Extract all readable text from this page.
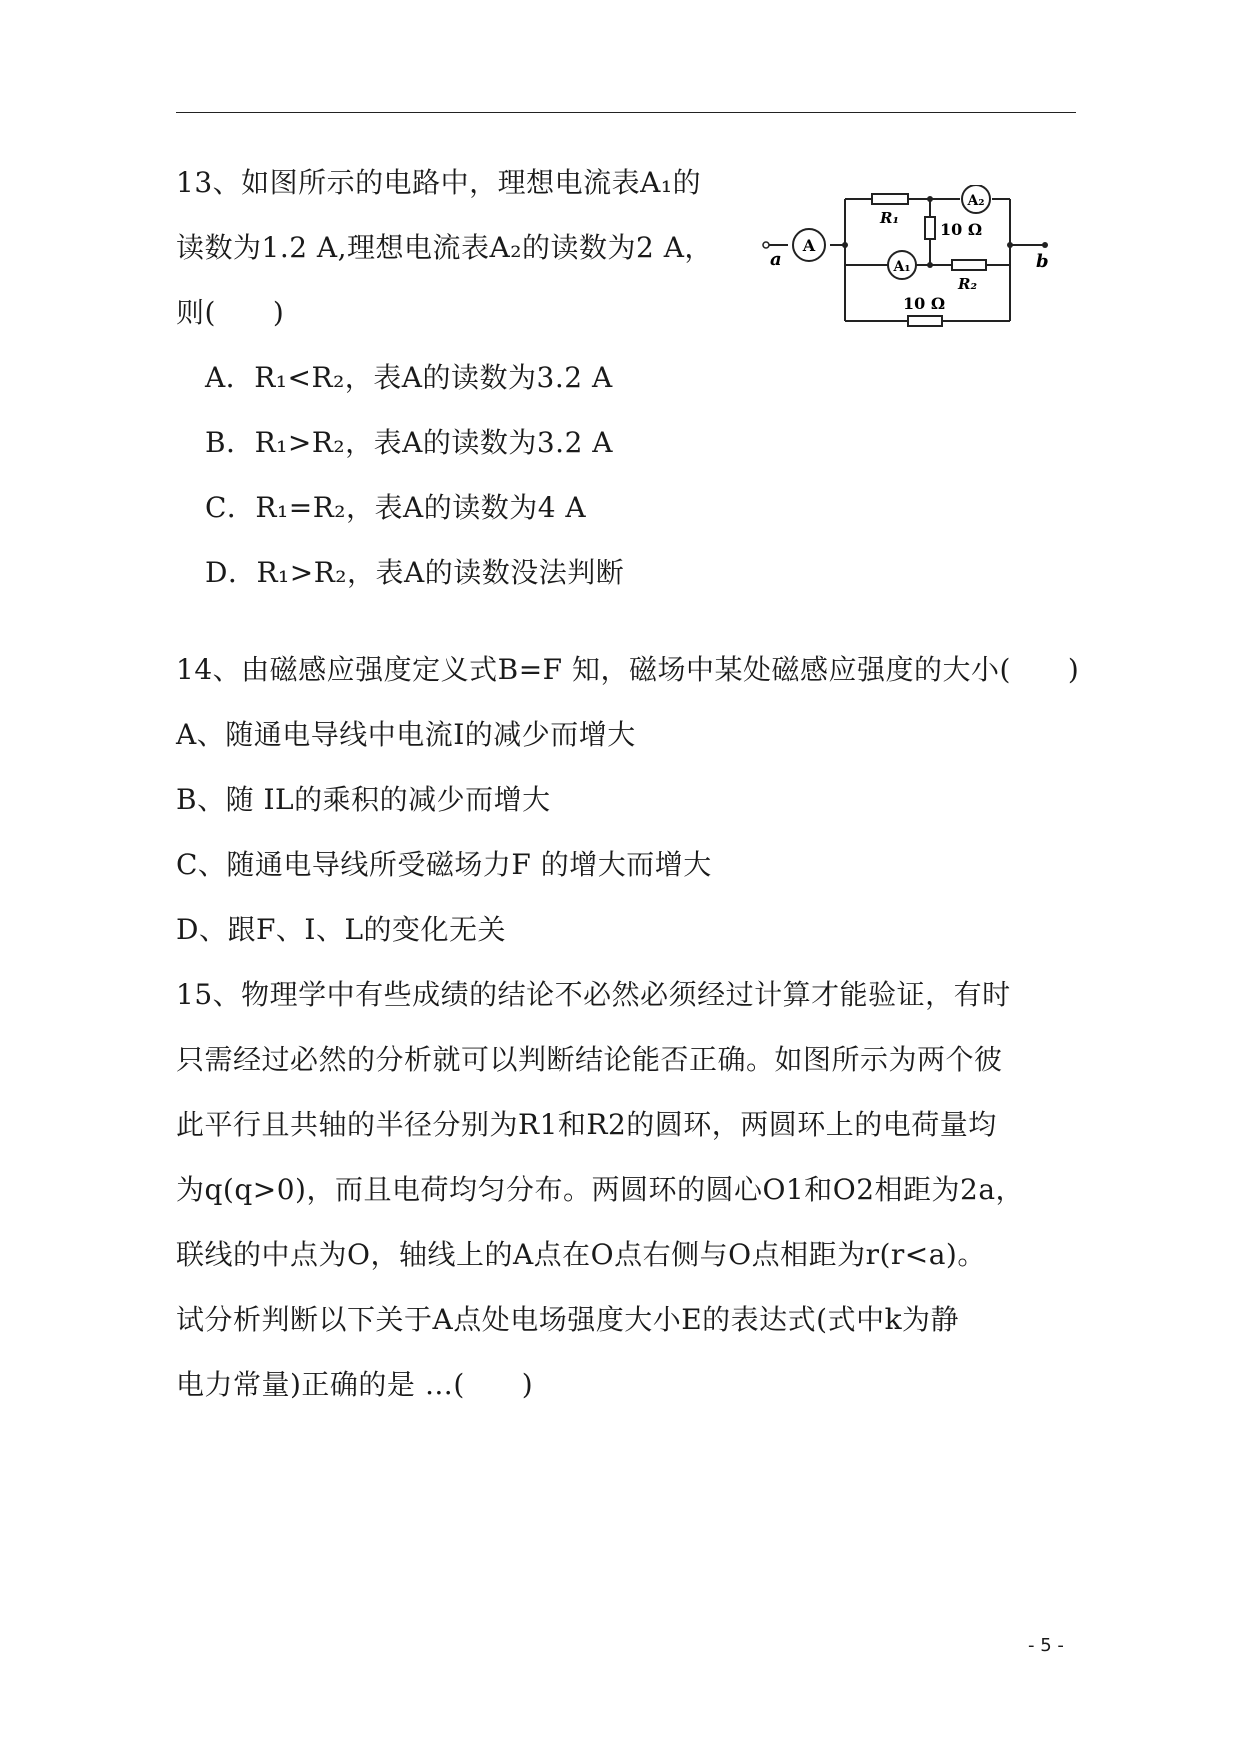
13、如图所示的电路中，理想电流表A₁的
读数为1.2 A,理想电流表A₂的读数为2 A，
则(　　)
A．R₁<R₂，表A的读数为3.2 A
B．R₁>R₂，表A的读数为3.2 A
C．R₁=R₂，表A的读数为4 A
D．R₁>R₂，表A的读数没法判断
A
A₁
A₂
a	b
R₁
10 Ω
R₂
10 Ω
14、由磁感应强度定义式B=F 知，磁场中某处磁感应强度的大小(　　)
A、随通电导线中电流I的减少而增大
B、随 IL的乘积的减少而增大
C、随通电导线所受磁场力F 的增大而增大
D、跟F、I、L的变化无关
15、物理学中有些成绩的结论不必然必须经过计算才能验证，有时
只需经过必然的分析就可以判断结论能否正确。如图所示为两个彼
此平行且共轴的半径分别为R1和R2的圆环，两圆环上的电荷量均
为q(q>0)，而且电荷均匀分布。两圆环的圆心O1和O2相距为2a，
联线的中点为O，轴线上的A点在O点右侧与O点相距为r(r<a)。
试分析判断以下关于A点处电场强度大小E的表达式(式中k为静
电力常量)正确的是 …(　　)
- 5 -
